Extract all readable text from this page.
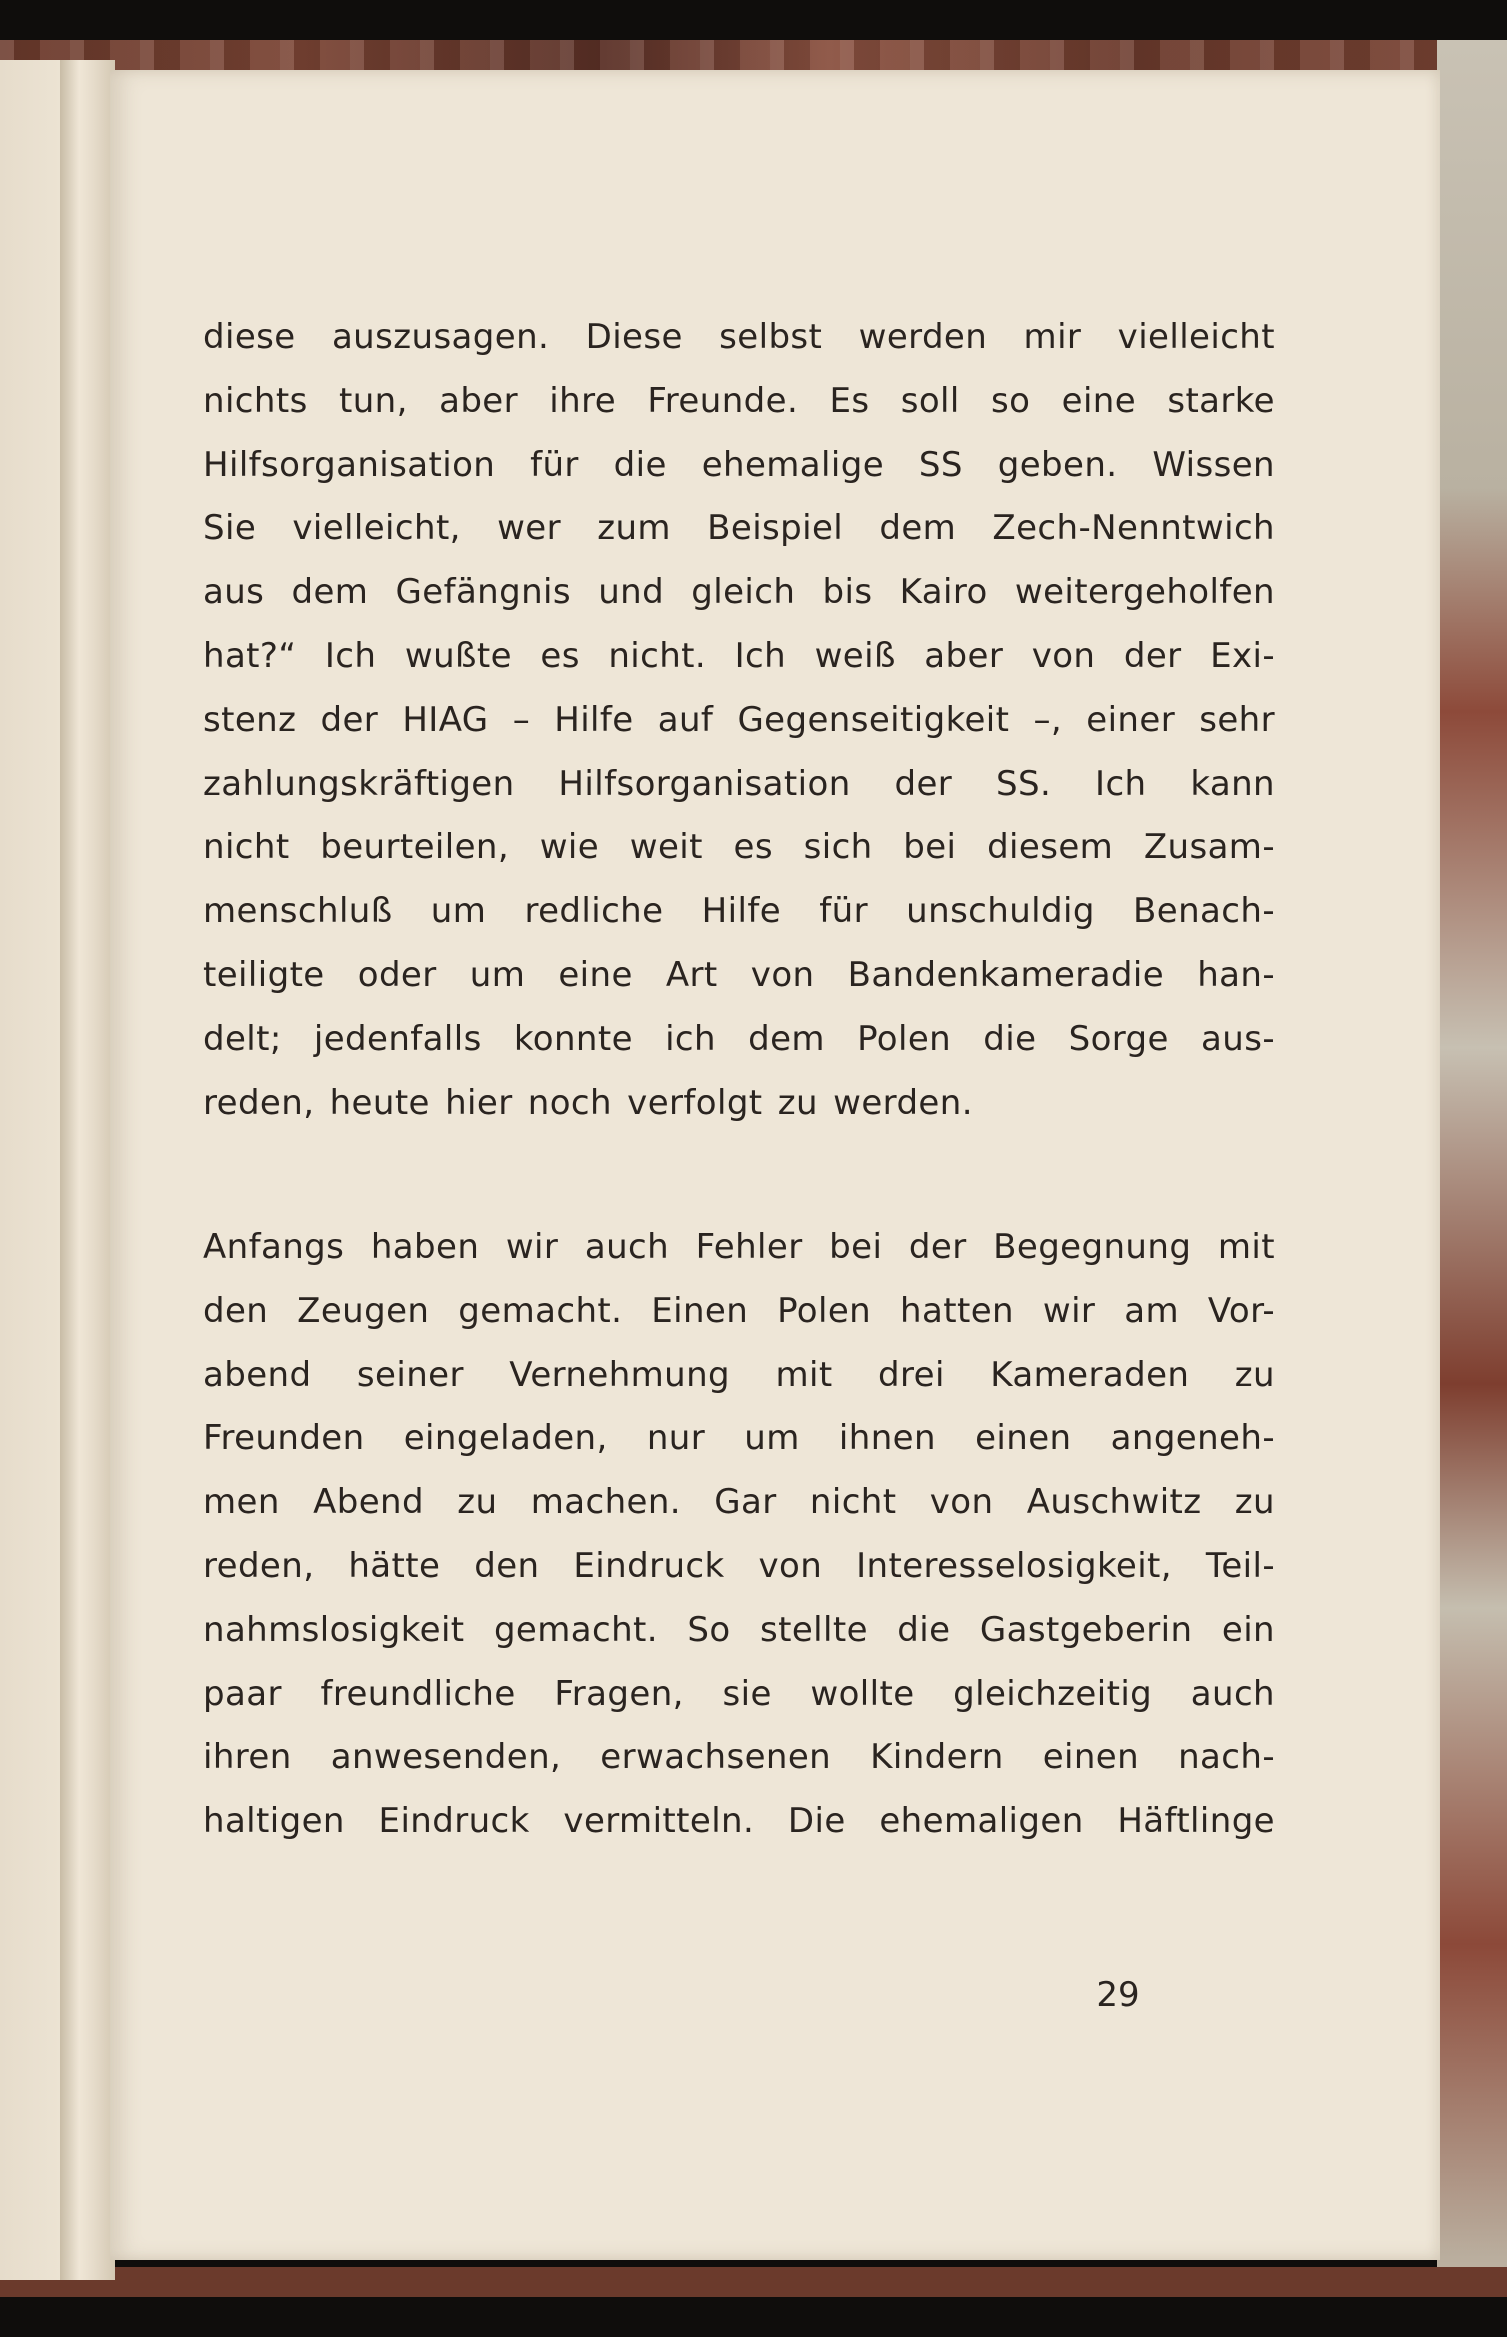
diese auszusagen. Diese selbst werden mir vielleicht
nichts tun, aber ihre Freunde. Es soll so eine starke
Hilfsorganisation für die ehemalige SS geben. Wissen
Sie vielleicht, wer zum Beispiel dem Zech-Nenntwich
aus dem Gefängnis und gleich bis Kairo weitergeholfen
hat?“ Ich wußte es nicht. Ich weiß aber von der Exi-
stenz der HIAG – Hilfe auf Gegenseitigkeit –, einer sehr
zahlungskräftigen Hilfsorganisation der SS. Ich kann
nicht beurteilen, wie weit es sich bei diesem Zusam-
menschluß um redliche Hilfe für unschuldig Benach-
teiligte oder um eine Art von Bandenkameradie han-
delt; jedenfalls konnte ich dem Polen die Sorge aus-
reden, heute hier noch verfolgt zu werden.
Anfangs haben wir auch Fehler bei der Begegnung mit
den Zeugen gemacht. Einen Polen hatten wir am Vor-
abend seiner Vernehmung mit drei Kameraden zu
Freunden eingeladen, nur um ihnen einen angeneh-
men Abend zu machen. Gar nicht von Auschwitz zu
reden, hätte den Eindruck von Interesselosigkeit, Teil-
nahmslosigkeit gemacht. So stellte die Gastgeberin ein
paar freundliche Fragen, sie wollte gleichzeitig auch
ihren anwesenden, erwachsenen Kindern einen nach-
haltigen Eindruck vermitteln. Die ehemaligen Häftlinge
29
